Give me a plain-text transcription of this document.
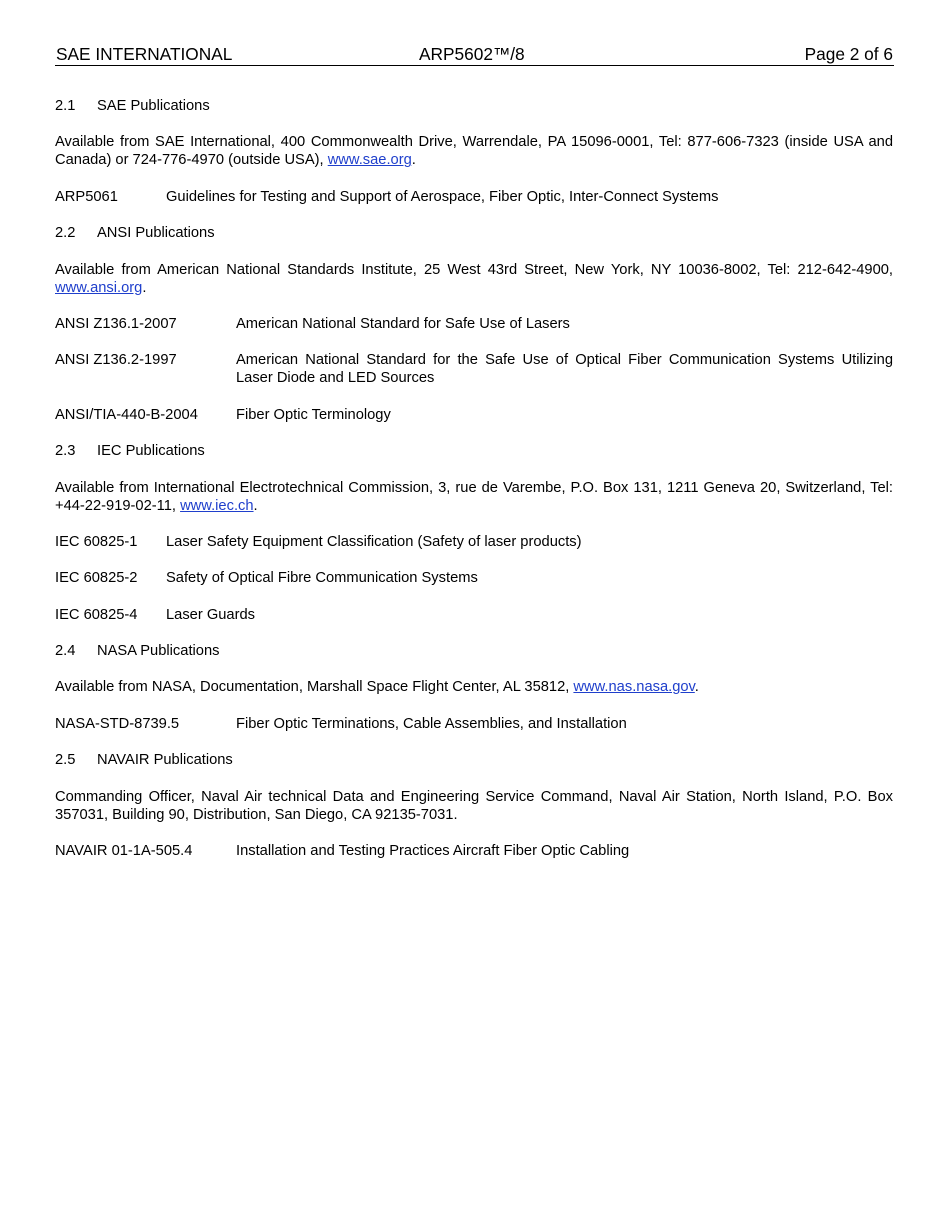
SAE INTERNATIONAL	ARP5602™/8	Page 2 of 6
2.1	SAE Publications

Available from SAE International, 400 Commonwealth Drive, Warrendale, PA 15096-0001, Tel: 877-606-7323 (inside USA and Canada) or 724-776-4970 (outside USA), www.sae.org.

ARP5061	Guidelines for Testing and Support of Aerospace, Fiber Optic, Inter-Connect Systems
2.2	ANSI Publications

Available from American National Standards Institute, 25 West 43rd Street, New York, NY 10036-8002, Tel: 212-642-4900, www.ansi.org.

ANSI Z136.1-2007	American National Standard for Safe Use of Lasers
ANSI Z136.2-1997	American National Standard for the Safe Use of Optical Fiber Communication Systems Utilizing Laser Diode and LED Sources
ANSI/TIA-440-B-2004	Fiber Optic Terminology
2.3	IEC Publications

Available from International Electrotechnical Commission, 3, rue de Varembe, P.O. Box 131, 1211 Geneva 20, Switzerland, Tel: +44-22-919-02-11, www.iec.ch.

IEC 60825-1	Laser Safety Equipment Classification (Safety of laser products)
IEC 60825-2	Safety of Optical Fibre Communication Systems
IEC 60825-4	Laser Guards
2.4	NASA Publications

Available from NASA, Documentation, Marshall Space Flight Center, AL 35812, www.nas.nasa.gov.

NASA-STD-8739.5	Fiber Optic Terminations, Cable Assemblies, and Installation
2.5	NAVAIR Publications

Commanding Officer, Naval Air technical Data and Engineering Service Command, Naval Air Station, North Island, P.O. Box 357031, Building 90, Distribution, San Diego, CA 92135-7031.

NAVAIR 01-1A-505.4	Installation and Testing Practices Aircraft Fiber Optic Cabling
